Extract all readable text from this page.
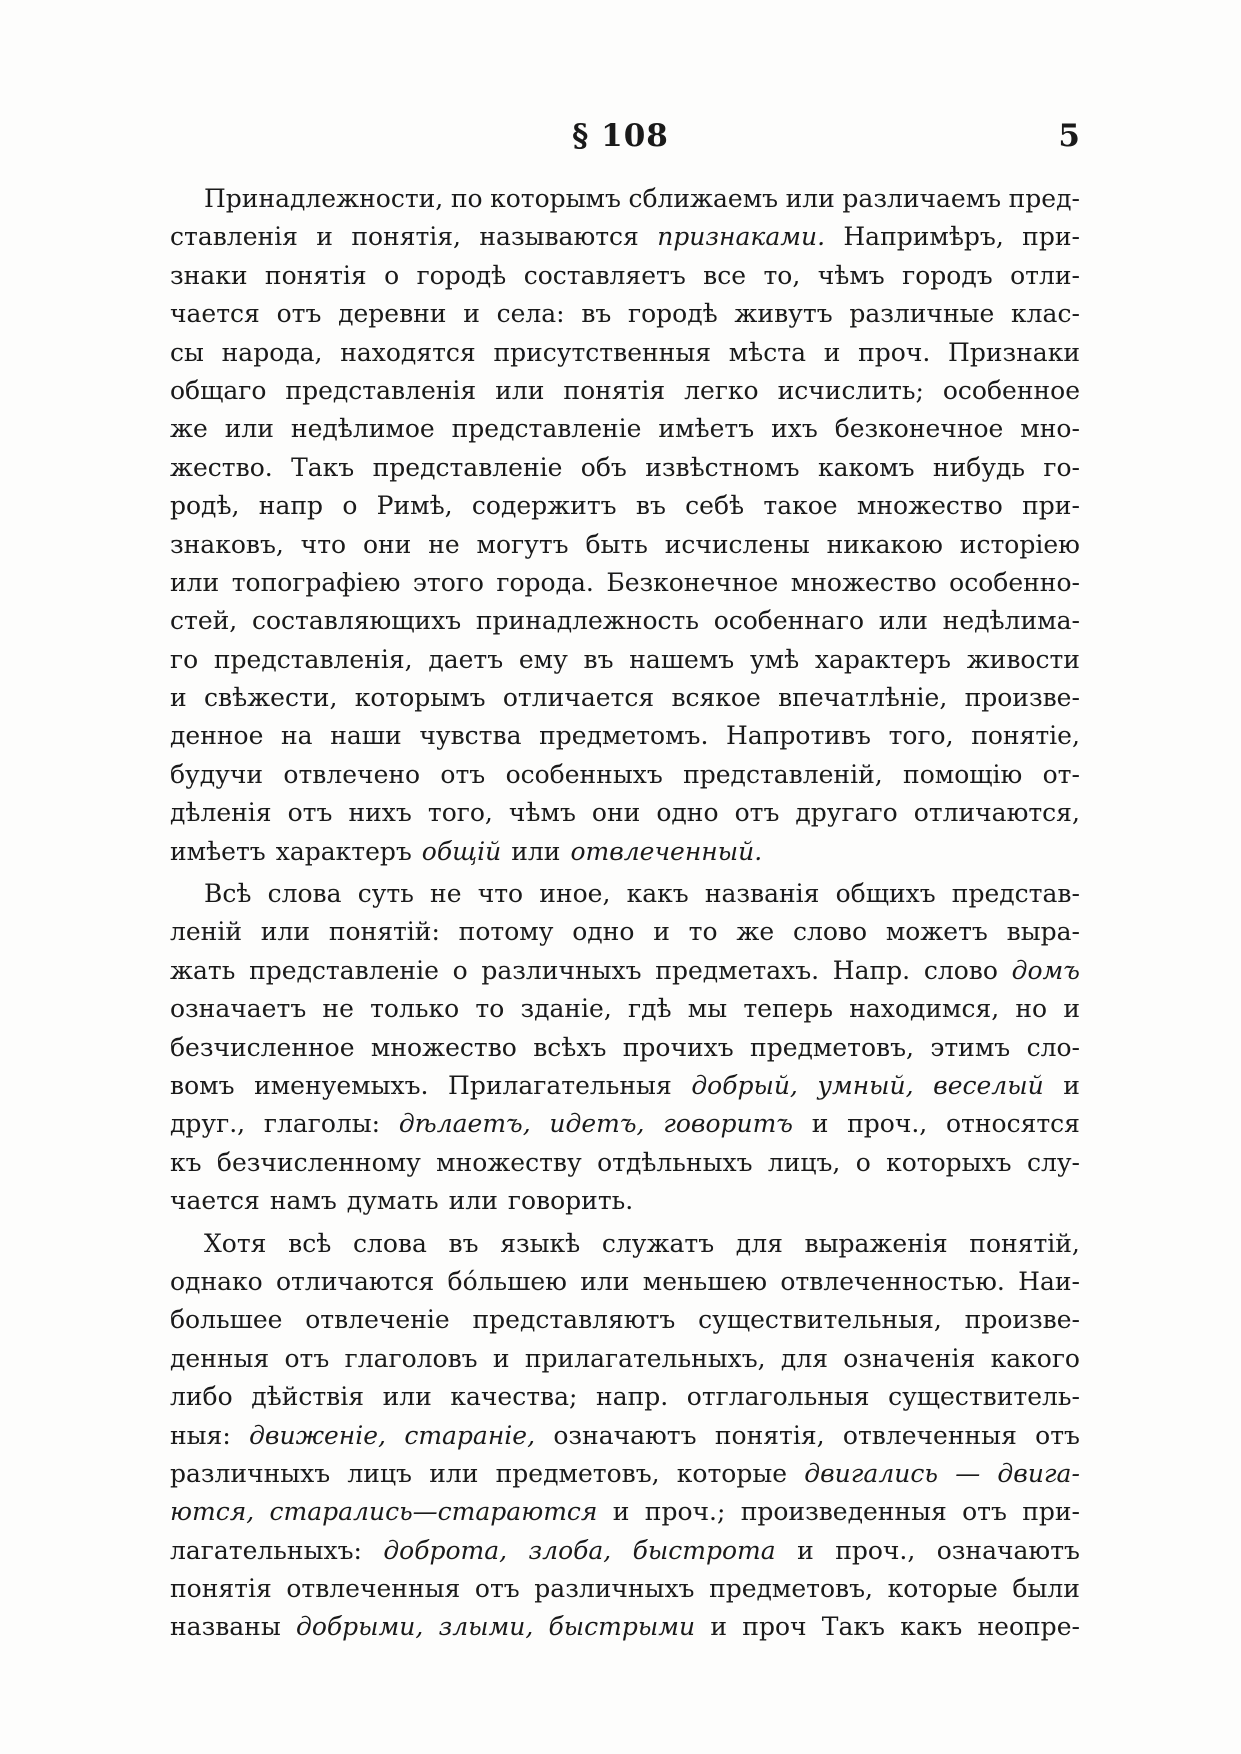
§ 108	5
Принадлежности, по которымъ сближаемъ или различаемъ пред-
ставленія и понятія, называются признаками. Напримѣръ, при-
знаки понятія о городѣ составляетъ все то, чѣмъ городъ отли-
чается отъ деревни и села: въ городѣ живутъ различные клас-
сы народа, находятся присутственныя мѣста и проч. Признаки
общаго представленія или понятія легко исчислить; особенное
же или недѣлимое представленіе имѣетъ ихъ безконечное мно-
жество. Такъ представленіе объ извѣстномъ какомъ нибудь го-
родѣ, напр о Римѣ, содержитъ въ себѣ такое множество при-
знаковъ, что они не могутъ быть исчислены никакою исторіею
или топографіею этого города. Безконечное множество особенно-
стей, составляющихъ принадлежность особеннаго или недѣлима-
го представленія, даетъ ему въ нашемъ умѣ характеръ живости
и свѣжести, которымъ отличается всякое впечатлѣніе, произве-
денное на наши чувства предметомъ. Напротивъ того, понятіе,
будучи отвлечено отъ особенныхъ представленій, помощію от-
дѣленія отъ нихъ того, чѣмъ они одно отъ другаго отличаются,
имѣетъ характеръ общій или отвлеченный.
Всѣ слова суть не что иное, какъ названія общихъ представ-
леній или понятій: потому одно и то же слово можетъ выра-
жать представленіе о различныхъ предметахъ. Напр. слово домъ
означаетъ не только то зданіе, гдѣ мы теперь находимся, но и
безчисленное множество всѣхъ прочихъ предметовъ, этимъ сло-
вомъ именуемыхъ. Прилагательныя добрый, умный, веселый и
друг., глаголы: дѣлаетъ, идетъ, говоритъ и проч., относятся
къ безчисленному множеству отдѣльныхъ лицъ, о которыхъ слу-
чается намъ думать или говорить.
Хотя всѣ слова въ языкѣ служатъ для выраженія понятій,
однако отличаются бóльшею или меньшею отвлеченностью. Наи-
большее отвлеченіе представляютъ существительныя, произве-
денныя отъ глаголовъ и прилагательныхъ, для означенія какого
либо дѣйствія или качества; напр. отглагольныя существитель-
ныя: движеніе, стараніе, означаютъ понятія, отвлеченныя отъ
различныхъ лицъ или предметовъ, которые двигались — двига-
ются, старались—стараются и проч.; произведенныя отъ при-
лагательныхъ: доброта, злоба, быстрота и проч., означаютъ
понятія отвлеченныя отъ различныхъ предметовъ, которые были
названы добрыми, злыми, быстрыми и проч Такъ какъ неопре-
